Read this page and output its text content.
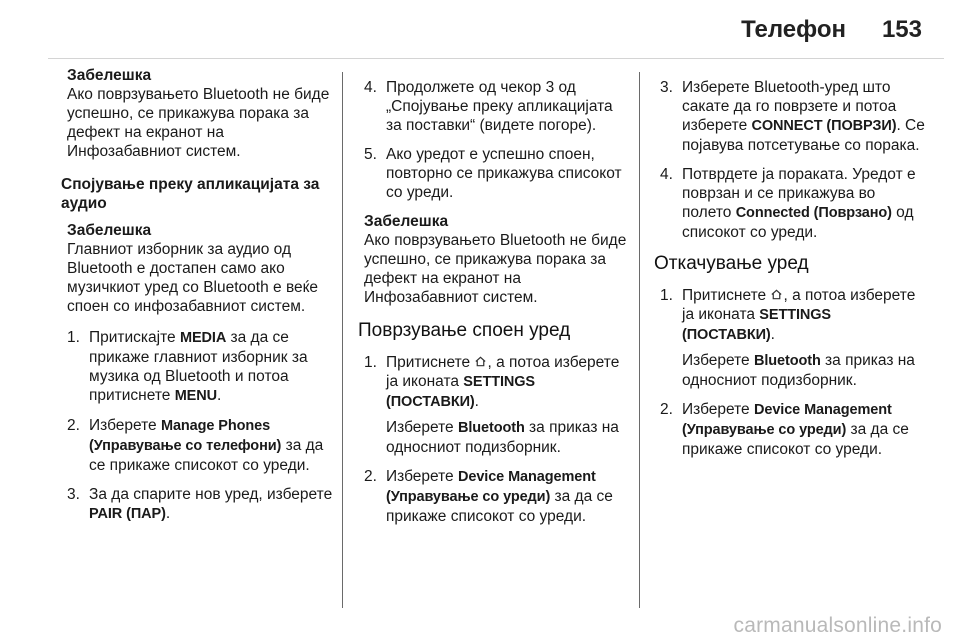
Телефон 153
Забелешка
Ако поврзувањето Bluetooth не биде успешно, се прикажува порака за дефект на екранот на Инфозабавниот систем.
Спојување преку апликацијата за аудио
Забелешка
Главниот изборник за аудио од Bluetooth е достапен само ако музичкиот уред со Bluetooth е веќе споен со инфозабавниот систем.
1. Притискајте MEDIA за да се прикаже главниот изборник за музика од Bluetooth и потоа притиснете MENU.
2. Изберете Manage Phones (Управување со телефони) за да се прикаже списокот со уреди.
3. За да спарите нов уред, изберете PAIR (ПАР).
4. Продолжете од чекор 3 од „Спојување преку апликацијата за поставки“ (видете погоре).
5. Ако уредот е успешно споен, повторно се прикажува списокот со уреди.
Забелешка
Ако поврзувањето Bluetooth не биде успешно, се прикажува порака за дефект на екранот на Инфозабавниот систем.
Поврзување споен уред
1. Притиснете , а потоа изберете ја иконата SETTINGS (ПОСТАВКИ).
Изберете Bluetooth за приказ на односниот подизборник.
2. Изберете Device Management (Управување со уреди) за да се прикаже списокот со уреди.
3. Изберете Bluetooth-уред што сакате да го поврзете и потоа изберете CONNECT (ПОВРЗИ). Се појавува потсетување со порака.
4. Потврдете ја пораката. Уредот е поврзан и се прикажува во полето Connected (Поврзано) од списокот со уреди.
Откачување уред
1. Притиснете , а потоа изберете ја иконата SETTINGS (ПОСТАВКИ).
Изберете Bluetooth за приказ на односниот подизборник.
2. Изберете Device Management (Управување со уреди) за да се прикаже списокот со уреди.
carmanualsonline.info
